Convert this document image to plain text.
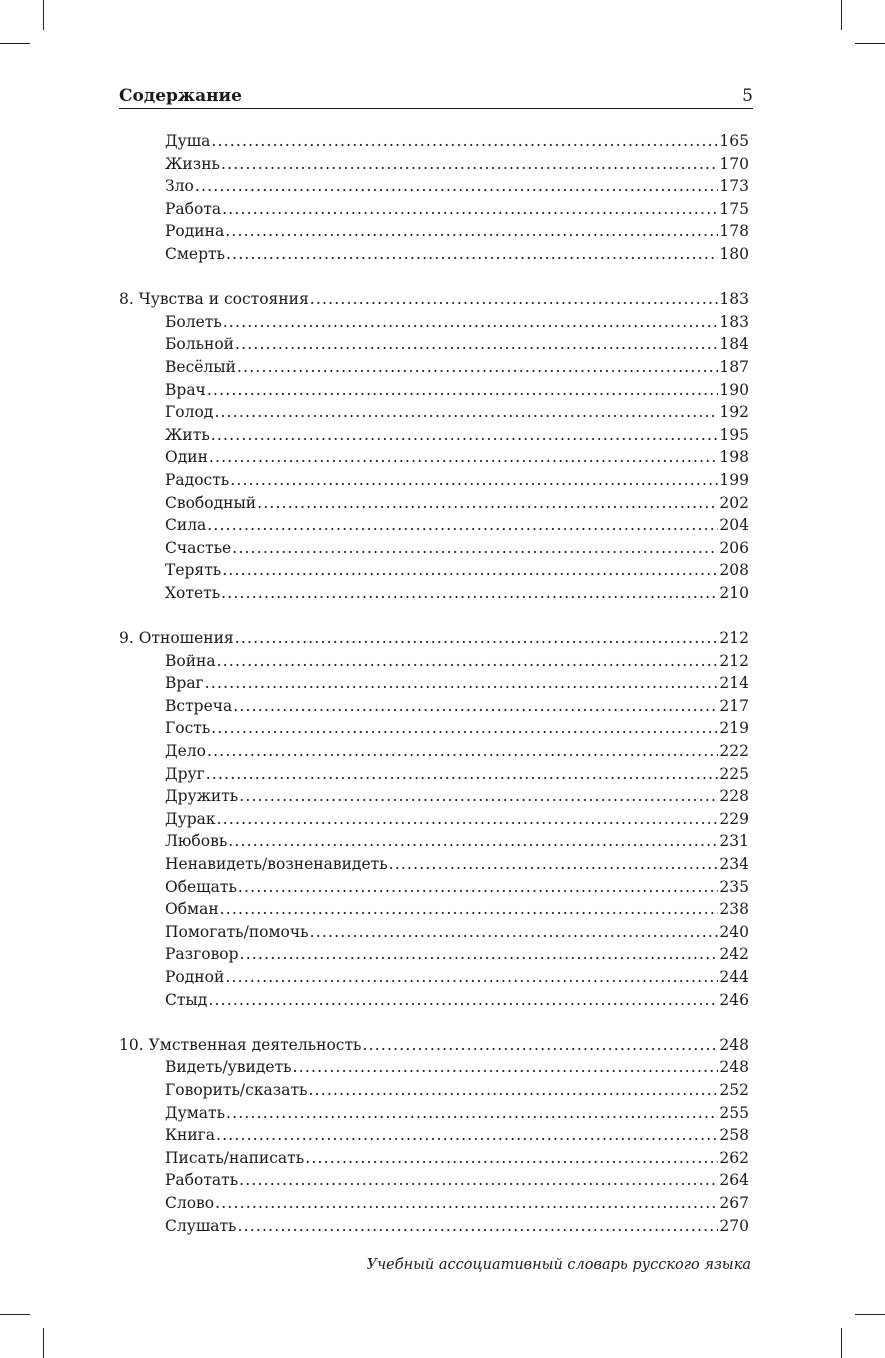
Содержание	5
Душа .....	165
Жизнь .....	170
Зло .....	173
Работа .....	175
Родина .....	178
Смерть .....	180
8. Чувства и состояния .....	183
Болеть .....	183
Больной .....	184
Весёлый .....	187
Врач .....	190
Голод .....	192
Жить .....	195
Один .....	198
Радость .....	199
Свободный .....	202
Сила .....	204
Счастье .....	206
Терять .....	208
Хотеть .....	210
9. Отношения .....	212
Война .....	212
Враг .....	214
Встреча .....	217
Гость .....	219
Дело .....	222
Друг .....	225
Дружить .....	228
Дурак .....	229
Любовь .....	231
Ненавидеть/возненавидеть .....	234
Обещать .....	235
Обман .....	238
Помогать/помочь .....	240
Разговор .....	242
Родной .....	244
Стыд .....	246
10. Умственная деятельность .....	248
Видеть/увидеть .....	248
Говорить/сказать .....	252
Думать .....	255
Книга .....	258
Писать/написать .....	262
Работать .....	264
Слово .....	267
Слушать .....	270
Учебный ассоциативный словарь русского языка
